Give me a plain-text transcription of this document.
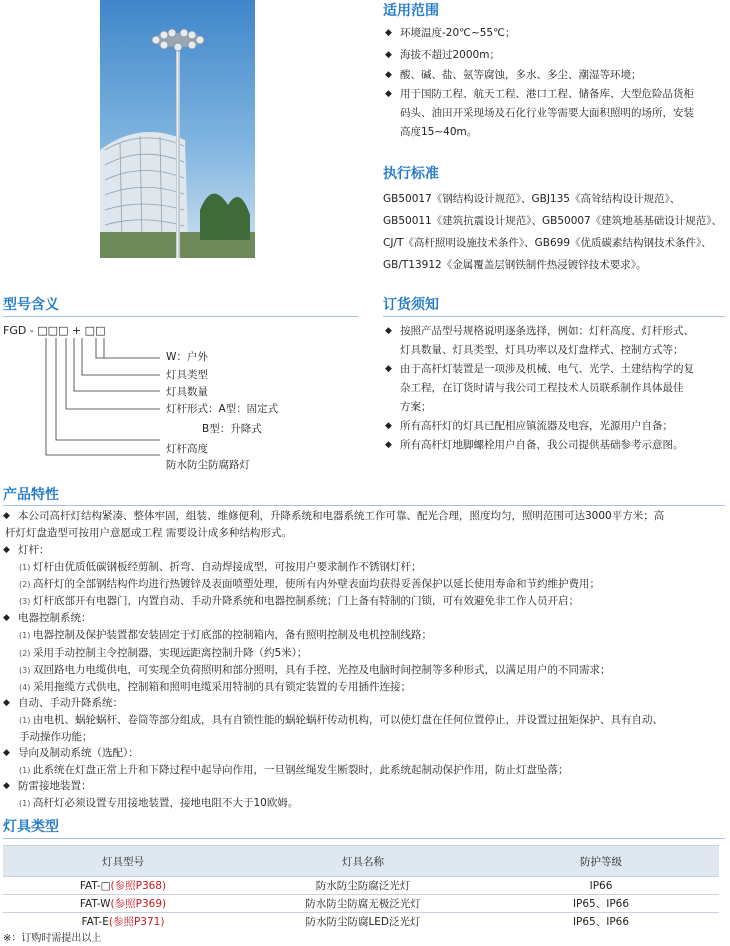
适用范围
◆ 环境温度-20℃~55℃；
◆ 海拔不超过2000m；
◆ 酸、碱、盐、氨等腐蚀，多水、多尘、潮湿等环境；
◆ 用于国防工程、航天工程、港口工程、储备库、大型危险品货柜
码头、油田开采现场及石化行业等需要大面积照明的场所，安装
高度15~40m。
执行标准
GB50017《钢结构设计规范》、GBJ135《高耸结构设计规范》、
GB50011《建筑抗震设计规范》、GB50007《建筑地基基础设计规范》、
CJ/T《高杆照明设施技术条件》、GB699《优质碳素结构钢技术条件》、
GB/T13912《金属覆盖层钢铁制件热浸镀锌技术要求》。
型号含义
FGD - □□□ + □□
W：户外
灯具类型
灯具数量
灯杆形式：A型：固定式
B型：升降式
灯杆高度
防水防尘防腐路灯
订货须知
◆ 按照产品型号规格说明逐条选择，例如：灯杆高度、灯杆形式、
灯具数量、灯具类型、灯具功率以及灯盘样式、控制方式等；
◆ 由于高杆灯装置是一项涉及机械、电气、光学、土建结构学的复
杂工程，在订货时请与我公司工程技术人员联系制作具体最佳
方案；
◆ 所有高杆灯的灯具已配相应镇流器及电容，光源用户自备；
◆ 所有高杆灯地脚螺栓用户自备，我公司提供基础参考示意图。
产品特性
◆ 本公司高杆灯结构紧凑、整体牢固，组装、维修便利，升降系统和电器系统工作可靠、配光合理，照度均匀，照明范围可达3000平方米；高
杆灯灯盘造型可按用户意愿或工程 需要设计成多种结构形式。
◆ 灯杆：
(1) 灯杆由优质低碳钢板经剪制、折弯、自动焊接成型，可按用户要求制作不锈钢灯杆；
(2) 高杆灯的全部钢结构件均进行热镀锌及表面喷塑处理，使所有内外壁表面均获得妥善保护以延长使用寿命和节约维护费用；
(3) 灯杆底部开有电器门，内置自动、手动升降系统和电器控制系统；门上备有特制的门锁，可有效避免非工作人员开启；
◆ 电器控制系统：
(1) 电器控制及保护装置都安装固定于灯底部的控制箱内，备有照明控制及电机控制线路；
(2) 采用手动控制主令控制器，实现远距离控制升降（约5米）；
(3) 双回路电力电缆供电，可实现全负荷照明和部分照明，具有手控、光控及电脑时间控制等多种形式，以满足用户的不同需求；
(4) 采用拖缆方式供电，控制箱和照明电缆采用特制的具有锁定装置的专用插件连接；
◆ 自动、手动升降系统：
(1) 由电机、蜗轮蜗杆、卷筒等部分组成，具有自锁性能的蜗轮蜗杆传动机构，可以使灯盘在任何位置停止，并设置过扭矩保护、具有自动、
手动操作功能；
◆ 导向及制动系统（选配）：
(1) 此系统在灯盘正常上升和下降过程中起导向作用，一旦钢丝绳发生断裂时，此系统起制动保护作用，防止灯盘坠落；
◆ 防雷接地装置：
(1) 高杆灯必须设置专用接地装置，接地电阻不大于10欧姆。
灯具类型
灯具型号	灯具名称	防护等级
FAT-□(参照P368)	防水防尘防腐泛光灯	IP66
FAT-W(参照P369)	防水防尘防腐无极泛光灯	IP65、IP66
FAT-E(参照P371)	防水防尘防腐LED泛光灯	IP65、IP66
※：订购时需提出以上
